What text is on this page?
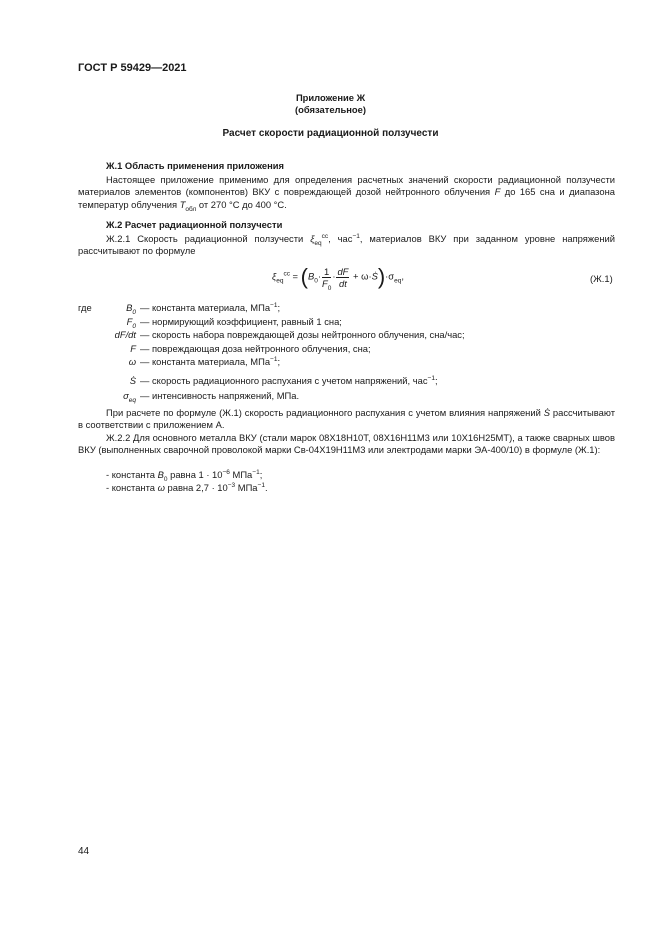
ГОСТ Р 59429—2021
Приложение Ж
(обязательное)
Расчет скорости радиационной ползучести
Ж.1 Область применения приложения
Настоящее приложение применимо для определения расчетных значений скорости радиационной ползучести материалов элементов (компонентов) ВКУ с повреждающей дозой нейтронного облучения F до 165 сна и диапазона температур облучения $T_{обл}$ от 270 °С до 400 °С.
Ж.2 Расчет радиационной ползучести
Ж.2.1 Скорость радиационной ползучести $\xi_{eq}^{cc}$, час$^{-1}$, материалов ВКУ при заданном уровне напряжений рассчитывают по формуле
$\xi_{eq}^{cc} = (B_0\cdot \frac{1}{F_0} \cdot \frac{dF}{dt}$ + $\omega\cdot Ṡ)\cdot\sigma_{eq}$,	(Ж.1)
где	$B_0$ — константа материала, МПа$^{-1}$;
$F_0$ — нормирующий коэффициент, равный 1 сна;
dF/dt — скорость набора повреждающей дозы нейтронного облучения, сна/час;
F — повреждающая доза нейтронного облучения, сна;
ω — константа материала, МПа$^{-1}$;
Ṡ — скорость радиационного распухания с учетом напряжений, час$^{-1}$;
$\sigma_{eq}$ — интенсивность напряжений, МПа.
При расчете по формуле (Ж.1) скорость радиационного распухания с учетом влияния напряжений Ṡ рассчитывают в соответствии с приложением А.
Ж.2.2 Для основного металла ВКУ (стали марок 08Х18Н10Т, 08Х16Н11М3 или 10Х16Н25МТ), а также сварных швов ВКУ (выполненных сварочной проволокой марки Св-04Х19Н11М3 или электродами марки ЭА-400/10) в формуле (Ж.1):
- константа $B_0$ равна $1 \cdot 10^{-6}$ МПа$^{-1}$;
- константа ω равна $2,7 \cdot 10^{-3}$ МПа$^{-1}$.
44
